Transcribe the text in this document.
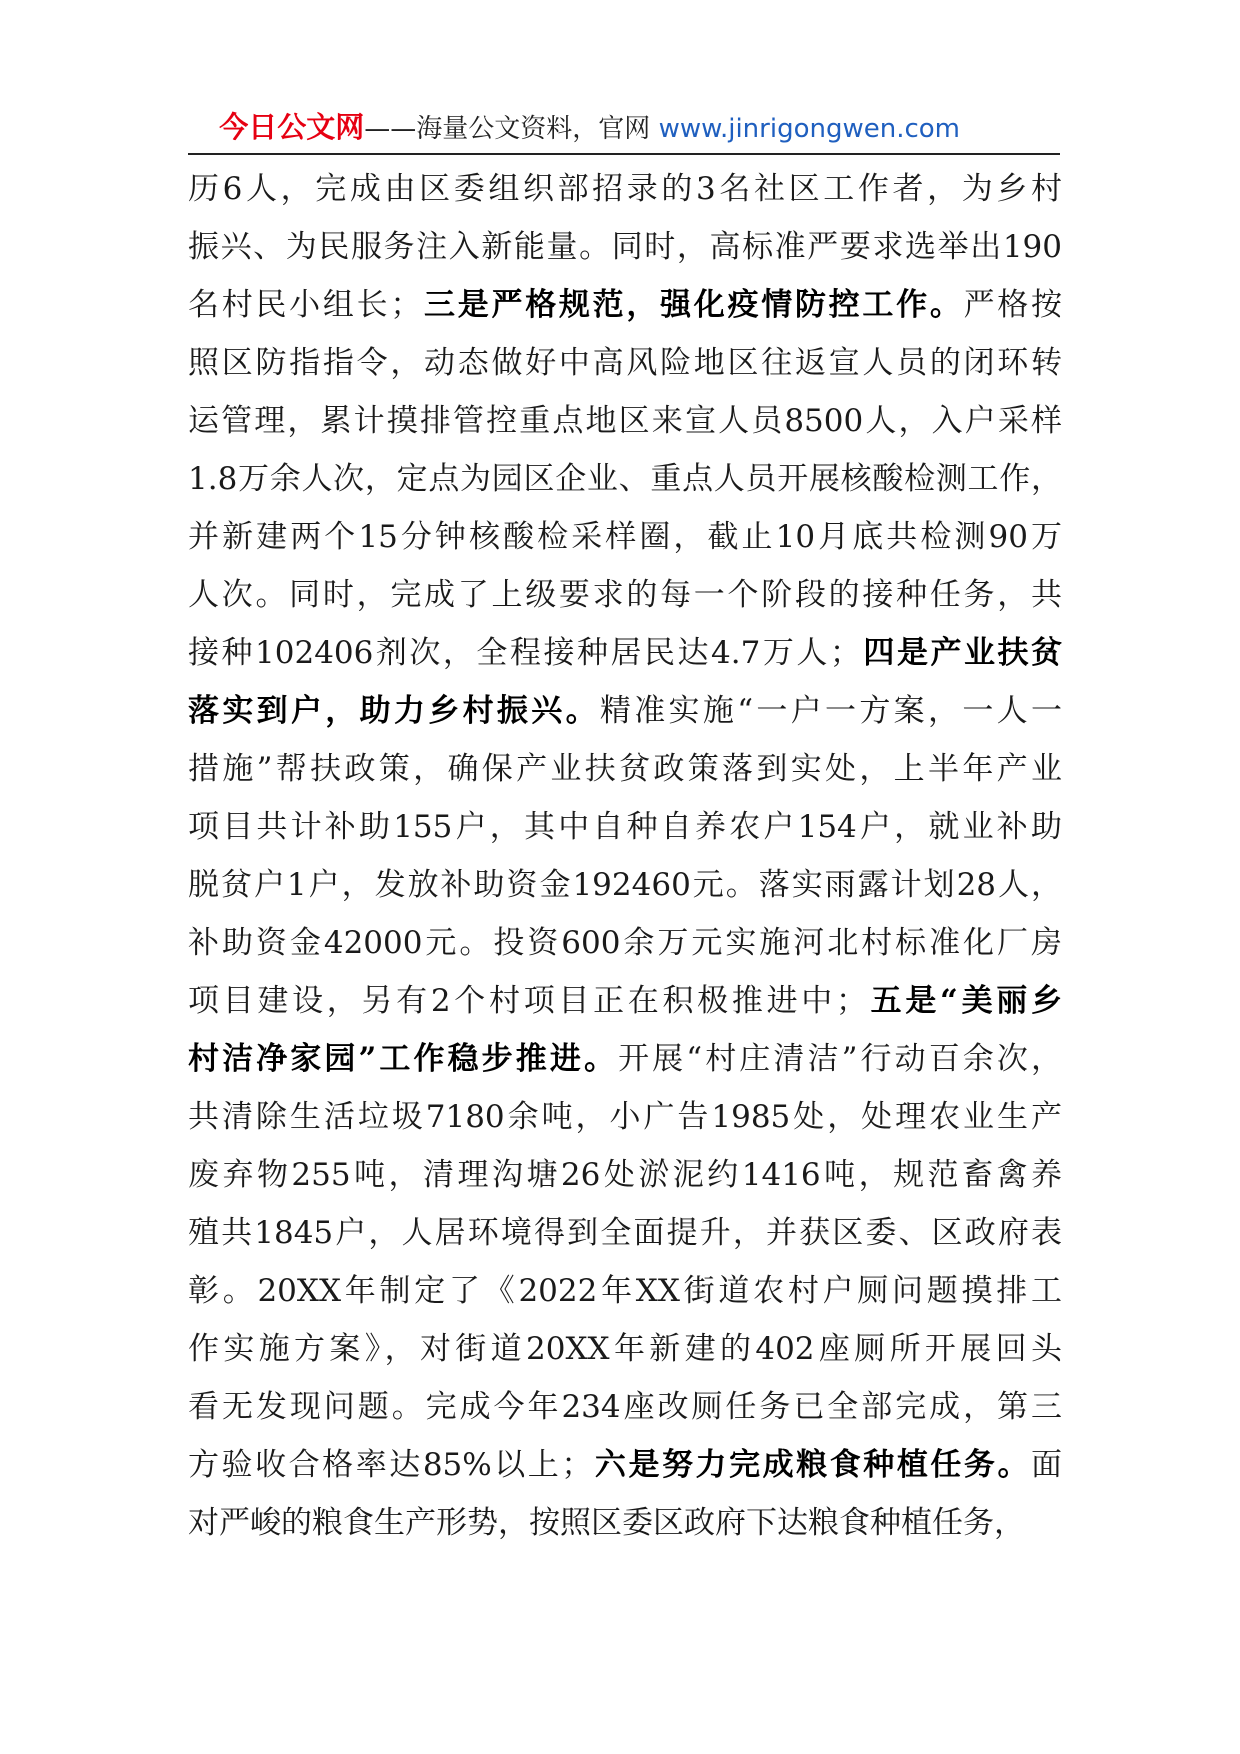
今日公文网——海量公文资料，官网 www.jinrigongwen.com
历6人，完成由区委组织部招录的3名社区工作者，为乡村
振兴、为民服务注入新能量。同时，高标准严要求选举出190
名村民小组长；三是严格规范，强化疫情防控工作。严格按
照区防指指令，动态做好中高风险地区往返宣人员的闭环转
运管理，累计摸排管控重点地区来宣人员8500人，入户采样
1.8万余人次，定点为园区企业、重点人员开展核酸检测工作，
并新建两个15分钟核酸检采样圈，截止10月底共检测90万
人次。同时，完成了上级要求的每一个阶段的接种任务，共
接种102406剂次，全程接种居民达4.7万人；四是产业扶贫
落实到户，助力乡村振兴。精准实施“一户一方案，一人一
措施”帮扶政策，确保产业扶贫政策落到实处，上半年产业
项目共计补助155户，其中自种自养农户154户，就业补助
脱贫户1户，发放补助资金192460元。落实雨露计划28人，
补助资金42000元。投资600余万元实施河北村标准化厂房
项目建设，另有2个村项目正在积极推进中；五是“美丽乡
村洁净家园”工作稳步推进。开展“村庄清洁”行动百余次，
共清除生活垃圾7180余吨，小广告1985处，处理农业生产
废弃物255吨，清理沟塘26处淤泥约1416吨，规范畜禽养
殖共1845户，人居环境得到全面提升，并获区委、区政府表
彰。20XX年制定了《2022年XX街道农村户厕问题摸排工
作实施方案》，对街道20XX年新建的402座厕所开展回头
看无发现问题。完成今年234座改厕任务已全部完成，第三
方验收合格率达85%以上；六是努力完成粮食种植任务。面
对严峻的粮食生产形势，按照区委区政府下达粮食种植任务，
